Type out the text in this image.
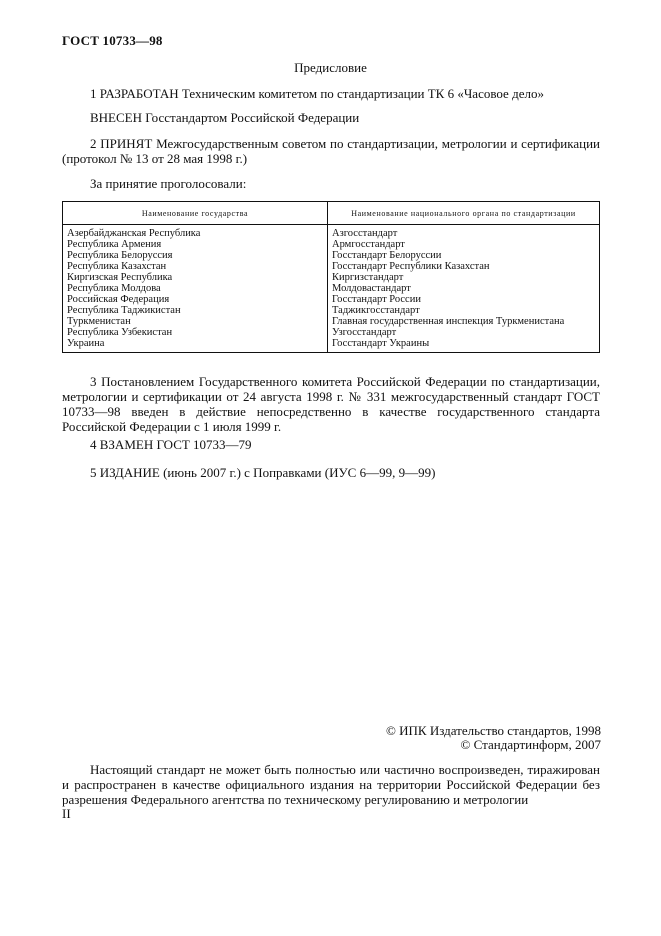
ГОСТ 10733—98
Предисловие
1 РАЗРАБОТАН Техническим комитетом по стандартизации ТК 6 «Часовое дело»
ВНЕСЕН Госстандартом Российской Федерации
2 ПРИНЯТ Межгосударственным советом по стандартизации, метрологии и сертификации (протокол № 13 от 28 мая 1998 г.)
За принятие проголосовали:
Наименование государства	Наименование национального органа по стандартизации
Азербайджанская Республика	Азгосстандарт
Республика Армения	Армгосстандарт
Республика Белоруссия	Госстандарт Белоруссии
Республика Казахстан	Госстандарт Республики Казахстан
Киргизская Республика	Киргизстандарт
Республика Молдова	Молдовастандарт
Российская Федерация	Госстандарт России
Республика Таджикистан	Таджикгосстандарт
Туркменистан	Главная государственная инспекция Туркменистана
Республика Узбекистан	Узгосстандарт
Украина	Госстандарт Украины
3 Постановлением Государственного комитета Российской Федерации по стандартизации, метрологии и сертификации от 24 августа 1998 г. № 331 межгосударственный стандарт ГОСТ 10733—98 введен в действие непосредственно в качестве государственного стандарта Российской Федерации с 1 июля 1999 г.
4 ВЗАМЕН ГОСТ 10733—79
5 ИЗДАНИЕ (июнь 2007 г.) с Поправками (ИУС 6—99, 9—99)
© ИПК Издательство стандартов, 1998
© Стандартинформ, 2007
Настоящий стандарт не может быть полностью или частично воспроизведен, тиражирован и распространен в качестве официального издания на территории Российской Федерации без разрешения Федерального агентства по техническому регулированию и метрологии
II
